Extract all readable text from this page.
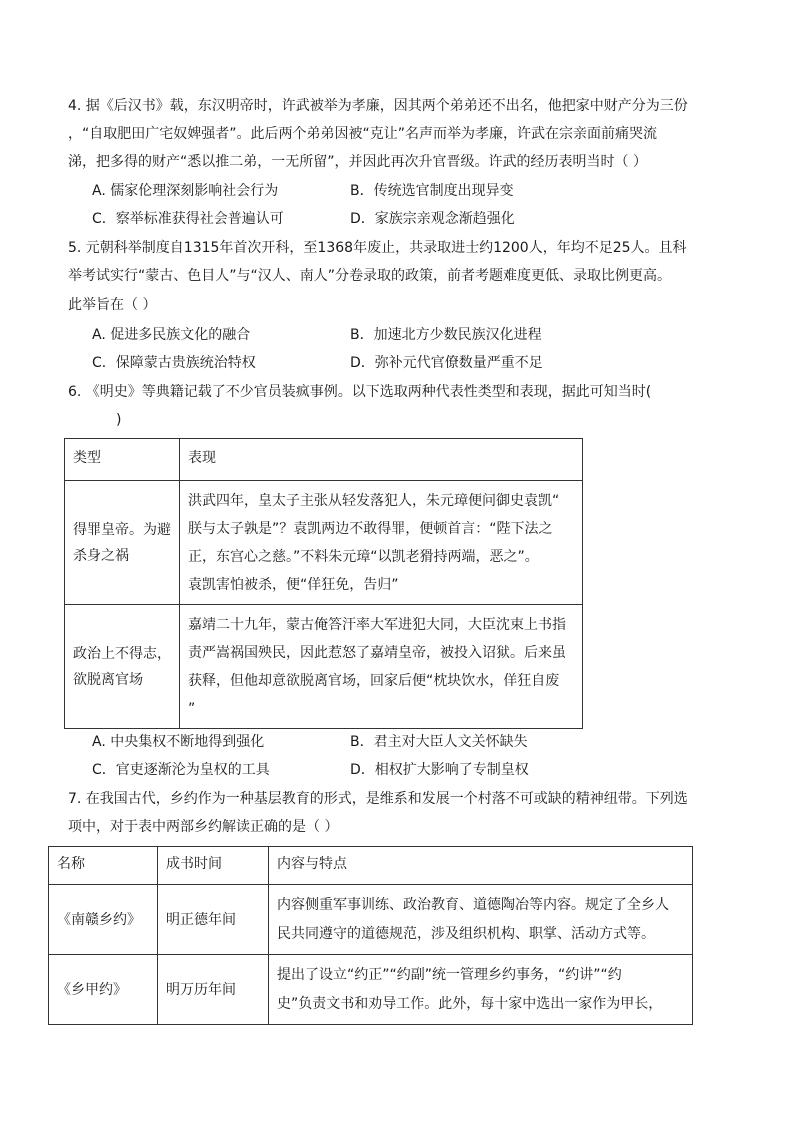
4. 据《后汉书》载，东汉明帝时，许武被举为孝廉，因其两个弟弟还不出名，他把家中财产分为三份
，“自取肥田广宅奴婢强者”。此后两个弟弟因被“克让”名声而举为孝廉，许武在宗亲面前痛哭流
涕，把多得的财产“悉以推二弟，一无所留”，并因此再次升官晋级。许武的经历表明当时（ ）
A. 儒家伦理深刻影响社会行为	B．传统选官制度出现异变
C．察举标准获得社会普遍认可	D．家族宗亲观念渐趋强化
5. 元朝科举制度自1315年首次开科，至1368年废止，共录取进士约1200人，年均不足25人。且科
举考试实行“蒙古、色目人”与“汉人、南人”分卷录取的政策，前者考题难度更低、录取比例更高。
此举旨在（ ）
A. 促进多民族文化的融合	B．加速北方少数民族汉化进程
C．保障蒙古贵族统治特权	D．弥补元代官僚数量严重不足
6. 《明史》等典籍记载了不少官员装疯事例。以下选取两种代表性类型和表现，据此可知当时(
)
类型	表现

得罪皇帝。为避
杀身之祸	洪武四年，皇太子主张从轻发落犯人，朱元璋便问御史袁凯“
朕与太子孰是”？袁凯两边不敢得罪，便顿首言：“陛下法之
正，东宫心之慈。”不料朱元璋“以凯老猾持两端，恶之”。
袁凯害怕被杀，便“佯狂免，告归”

政治上不得志，
欲脱离官场	嘉靖二十九年，蒙古俺答汗率大军进犯大同，大臣沈束上书指
责严嵩祸国殃民，因此惹怒了嘉靖皇帝，被投入诏狱。后来虽
获释，但他却意欲脱离官场，回家后便“枕块饮水，佯狂自废
”
A. 中央集权不断地得到强化	B．君主对大臣人文关怀缺失
C．官吏逐渐沦为皇权的工具	D．相权扩大影响了专制皇权
7. 在我国古代，乡约作为一种基层教育的形式，是维系和发展一个村落不可或缺的精神纽带。下列选
项中，对于表中两部乡约解读正确的是（ ）
名称	成书时间	内容与特点
《南赣乡约》	明正德年间	内容侧重军事训练、政治教育、道德陶冶等内容。规定了全乡人
民共同遵守的道德规范，涉及组织机构、职掌、活动方式等。

《乡甲约》	明万历年间	提出了设立“约正”“约副”统一管理乡约事务，“约讲”“约
史”负责文书和劝导工作。此外，每十家中选出一家作为甲长，
